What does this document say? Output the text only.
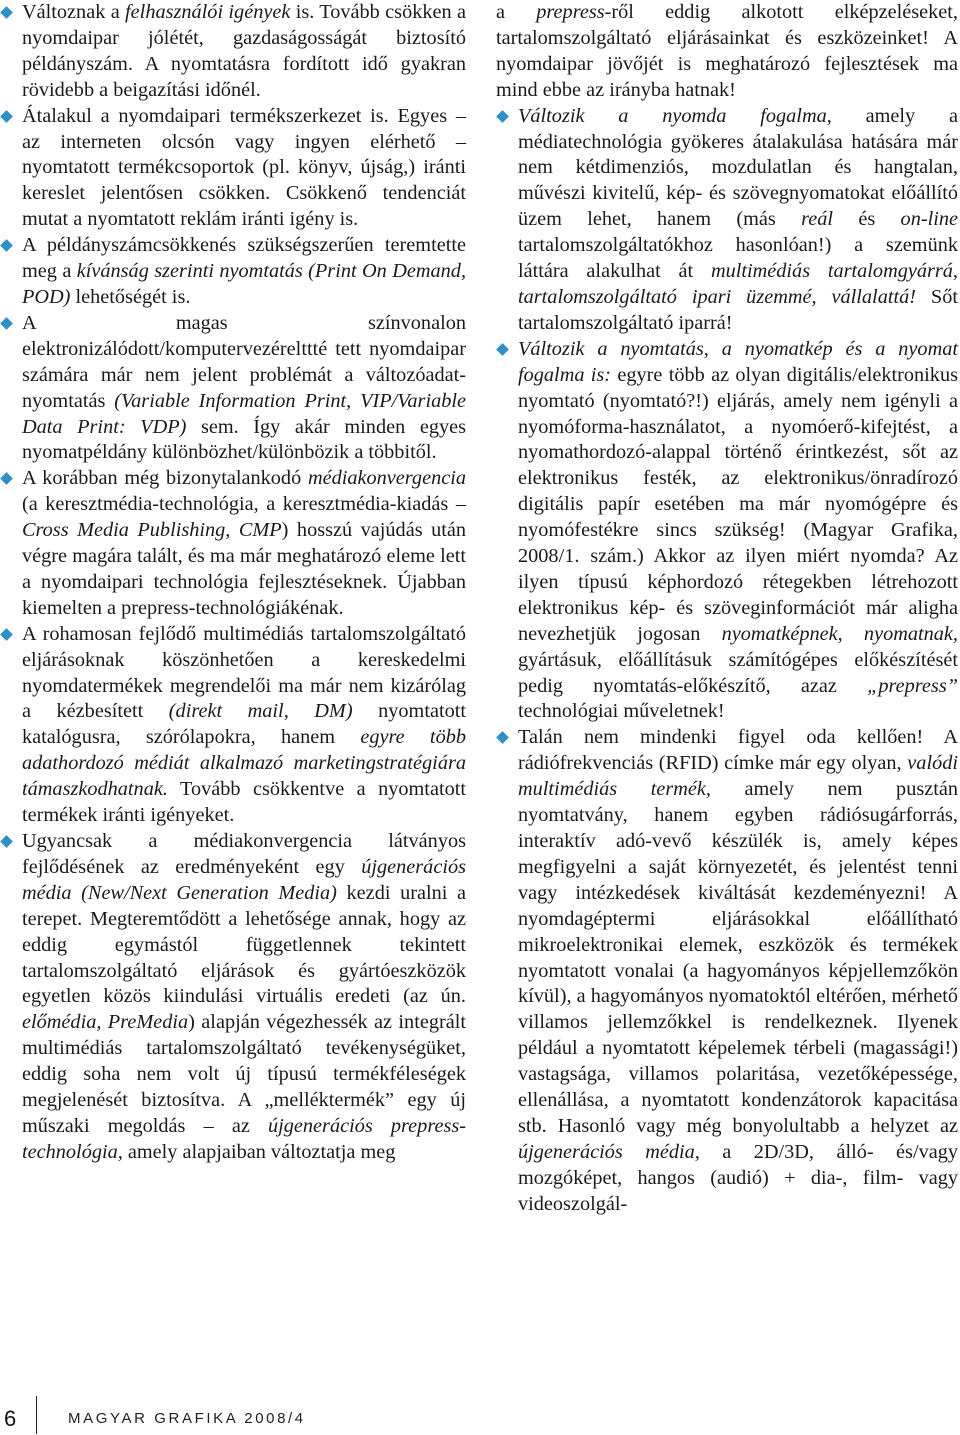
Változnak a felhasználói igények is. Tovább csökken a nyomdaipar jólétét, gazdaságosságát biztosító példányszám. A nyomtatásra fordított idő gyakran rövidebb a beigazítási időnél.
Átalakul a nyomdaipari termékszerkezet is. Egyes – az interneten olcsón vagy ingyen elérhető – nyomtatott termékcsoportok (pl. könyv, újság,) iránti kereslet jelentősen csökken. Csökkenő tendenciát mutat a nyomtatott reklám iránti igény is.
A példányszámcsökkenés szükségszerűen teremtette meg a kívánság szerinti nyomtatás (Print On Demand, POD) lehetőségét is.
A magas színvonalon elektronizálódott/komputervezérelttté tett nyomdaipar számára már nem jelent problémát a változóadat-nyomtatás (Variable Information Print, VIP/Variable Data Print: VDP) sem. Így akár minden egyes nyomatpéldány különbözhet/különbözik a többitől.
A korábban még bizonytalankodó médiakonvergencia (a keresztmédia-technológia, a keresztmédia-kiadás – Cross Media Publishing, CMP) hosszú vajúdás után végre magára talált, és ma már meghatározó eleme lett a nyomdaipari technológia fejlesztéseknek. Újabban kiemelten a prepress-technológiákénak.
A rohamosan fejlődő multimédiás tartalomszolgáltató eljárásoknak köszönhetően a kereskedelmi nyomdatermékek megrendelői ma már nem kizárólag a kézbesített (direkt mail, DM) nyomtatott katalógusra, szórólapokra, hanem egyre több adathordozó médiát alkalmazó marketingstratégiára támaszkodhatnak. Tovább csökkentve a nyomtatott termékek iránti igényeket.
Ugyancsak a médiakonvergencia látványos fejlődésének az eredményeként egy újgenerációs média (New/Next Generation Media) kezdi uralni a terepet. Megteremtődött a lehetősége annak, hogy az eddig egymástól függetlennek tekintett tartalomszolgáltató eljárások és gyártóeszközök egyetlen közös kiindulási virtuális eredeti (az ún. előmédia, PreMedia) alapján végezhessék az integrált multimédiás tartalomszolgáltató tevékenységüket, eddig soha nem volt új típusú termékféleségek megjelenését biztosítva. A „melléktermék” egy új műszaki megoldás – az újgenerációs prepress-technológia, amely alapjaiban változtatja meg

a prepress-ről eddig alkotott elképzeléseket, tartalomszolgáltató eljárásainkat és eszközeinket! A nyomdaipar jövőjét is meghatározó fejlesztések ma mind ebbe az irányba hatnak!

Változik a nyomda fogalma, amely a médiatechnológia gyökeres átalakulása hatására már nem kétdimenziós, mozdulatlan és hangtalan, művészi kivitelű, kép- és szövegnyomatokat előállító üzem lehet, hanem (más reál és on-line tartalomszolgáltatókhoz hasonlóan!) a szemünk láttára alakulhat át multimédiás tartalomgyárrá, tartalomszolgáltató ipari üzemmé, vállalattá! Sőt tartalomszolgáltató iparrá!
Változik a nyomtatás, a nyomatkép és a nyomat fogalma is: egyre több az olyan digitális/elektronikus nyomtató (nyomtató?!) eljárás, amely nem igényli a nyomóforma-használatot, a nyomóerő-kifejtést, a nyomathordozó-alappal történő érintkezést, sőt az elektronikus festék, az elektronikus/önradírozó digitális papír esetében ma már nyomógépre és nyomófestékre sincs szükség! (Magyar Grafika, 2008/1. szám.) Akkor az ilyen miért nyomda? Az ilyen típusú képhordozó rétegekben létrehozott elektronikus kép- és szöveginformációt már aligha nevezhetjük jogosan nyomatképnek, nyomatnak, gyártásuk, előállításuk számítógépes előkészítését pedig nyomtatás-előkészítő, azaz „prepress” technológiai műveletnek!
Talán nem mindenki figyel oda kellően! A rádiófrekvenciás (RFID) címke már egy olyan, valódi multimédiás termék, amely nem pusztán nyomtatvány, hanem egyben rádiósugárforrás, interaktív adó-vevő készülék is, amely képes megfigyelni a saját környezetét, és jelentést tenni vagy intézkedések kiváltását kezdeményezni! A nyomdagéptermi eljárásokkal előállítható mikroelektronikai elemek, eszközök és termékek nyomtatott vonalai (a hagyományos képjellemzőkön kívül), a hagyományos nyomatoktól eltérően, mérhető villamos jellemzőkkel is rendelkeznek. Ilyenek például a nyomtatott képelemek térbeli (magassági!) vastagsága, villamos polaritása, vezetőképessége, ellenállása, a nyomtatott kondenzátorok kapacitása stb. Hasonló vagy még bonyolultabb a helyzet az újgenerációs média, a 2D/3D, álló- és/vagy mozgóképet, hangos (audió) + dia-, film- vagy videoszolgál-
6	MAGYAR GRAFIKA 2008/4
